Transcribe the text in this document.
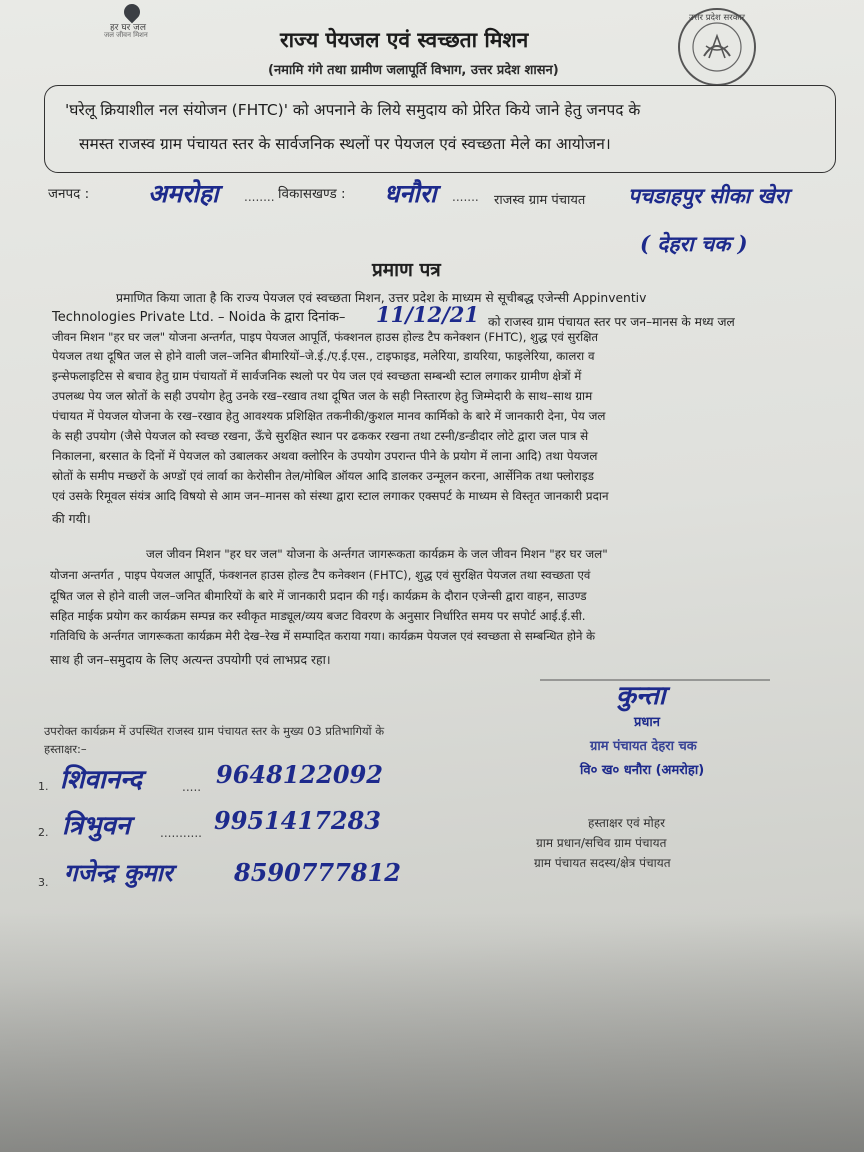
हर घर जल
जल जीवन मिशन
उत्तर प्रदेश सरकार
राज्य पेयजल एवं स्वच्छता मिशन
(नमामि गंगे तथा ग्रामीण जलापूर्ति विभाग, उत्तर प्रदेश शासन)
'घरेलू क्रियाशील नल संयोजन (FHTC)' को अपनाने के लिये समुदाय को प्रेरित किये जाने हेतु जनपद के
समस्त राजस्व ग्राम पंचायत स्तर के सार्वजनिक स्थलों पर पेयजल एवं स्वच्छता मेले का आयोजन।
जनपद : अमरोहा ........ विकासखण्ड : धनौरा ....... राजस्व ग्राम पंचायत पचडाहपुर सीका खेरा
( देहरा चक )
प्रमाण पत्र
प्रमाणित किया जाता है कि राज्य पेयजल एवं स्वच्छता मिशन, उत्तर प्रदेश के माध्यम से सूचीबद्ध एजेन्सी Appinventiv
Technologies Private Ltd. – Noida के द्वारा दिनांक– 11/12/21 को राजस्व ग्राम पंचायत स्तर पर जन–मानस के मध्य जल
जीवन मिशन "हर घर जल" योजना अन्तर्गत, पाइप पेयजल आपूर्ति, फंक्शनल हाउस होल्ड टैप कनेक्शन (FHTC), शुद्ध एवं सुरक्षित
पेयजल तथा दूषित जल से होने वाली जल–जनित बीमारियों–जे.ई./ए.ई.एस., टाइफाइड, मलेरिया, डायरिया, फाइलेरिया, कालरा व
इन्सेफलाइटिस से बचाव हेतु ग्राम पंचायतों में सार्वजनिक स्थलो पर पेय जल एवं स्वच्छता सम्बन्धी स्टाल लगाकर ग्रामीण क्षेत्रों में
उपलब्ध पेय जल स्रोतों के सही उपयोग हेतु उनके रख–रखाव तथा दूषित जल के सही निस्तारण हेतु जिम्मेदारी के साथ–साथ ग्राम
पंचायत में पेयजल योजना के रख–रखाव हेतु आवश्यक प्रशिक्षित तकनीकी/कुशल मानव कार्मिको के बारे में जानकारी देना, पेय जल
के सही उपयोग (जैसे पेयजल को स्वच्छ रखना, ऊँचे सुरक्षित स्थान पर ढककर रखना तथा टस्नी/डन्डीदार लोटे द्वारा जल पात्र से
निकालना, बरसात के दिनों में पेयजल को उबालकर अथवा क्लोरिन के उपयोग उपरान्त पीने के प्रयोग में लाना आदि) तथा पेयजल
स्रोतों के समीप मच्छरों के अण्डों एवं लार्वा का केरोसीन तेल/मोबिल ऑयल आदि डालकर उन्मूलन करना, आर्सेनिक तथा फ्लोराइड
एवं उसके रिमूवल संयंत्र आदि विषयो से आम जन–मानस को संस्था द्वारा स्टाल लगाकर एक्सपर्ट के माध्यम से विस्तृत जानकारी प्रदान
की गयी।
जल जीवन मिशन "हर घर जल" योजना के अर्न्तगत जागरूकता कार्यक्रम के जल जीवन मिशन "हर घर जल"
योजना अन्तर्गत , पाइप पेयजल आपूर्ति, फंक्शनल हाउस होल्ड टैप कनेक्शन (FHTC), शुद्ध एवं सुरक्षित पेयजल तथा स्वच्छता एवं
दूषित जल से होने वाली जल–जनित बीमारियों के बारे में जानकारी प्रदान की गई। कार्यक्रम के दौरान एजेन्सी द्वारा वाहन, साउण्ड
सहित माईक प्रयोग कर कार्यक्रम सम्पन्न कर स्वीकृत माड्यूल/व्यय बजट विवरण के अनुसार निर्धारित समय पर सपोर्ट आई.ई.सी.
गतिविधि के अर्न्तगत जागरूकता कार्यक्रम मेरी देख–रेख में सम्पादित कराया गया। कार्यक्रम पेयजल एवं स्वच्छता से सम्बन्धित होने के
साथ ही जन–समुदाय के लिए अत्यन्त उपयोगी एवं लाभप्रद रहा।
कुन्ता
प्रधान
ग्राम पंचायत देहरा चक
वि० ख० धनौरा (अमरोहा)
उपरोक्त कार्यक्रम में उपस्थित राजस्व ग्राम पंचायत स्तर के मुख्य 03 प्रतिभागियों के
हस्ताक्षर:–
1. शिवानन्द	..... 9648122092
2. त्रिभुवन ........... 9951417283
3. गजेन्द्र कुमार	8590777812
हस्ताक्षर एवं मोहर
ग्राम प्रधान/सचिव ग्राम पंचायत
ग्राम पंचायत सदस्य/क्षेत्र पंचायत
